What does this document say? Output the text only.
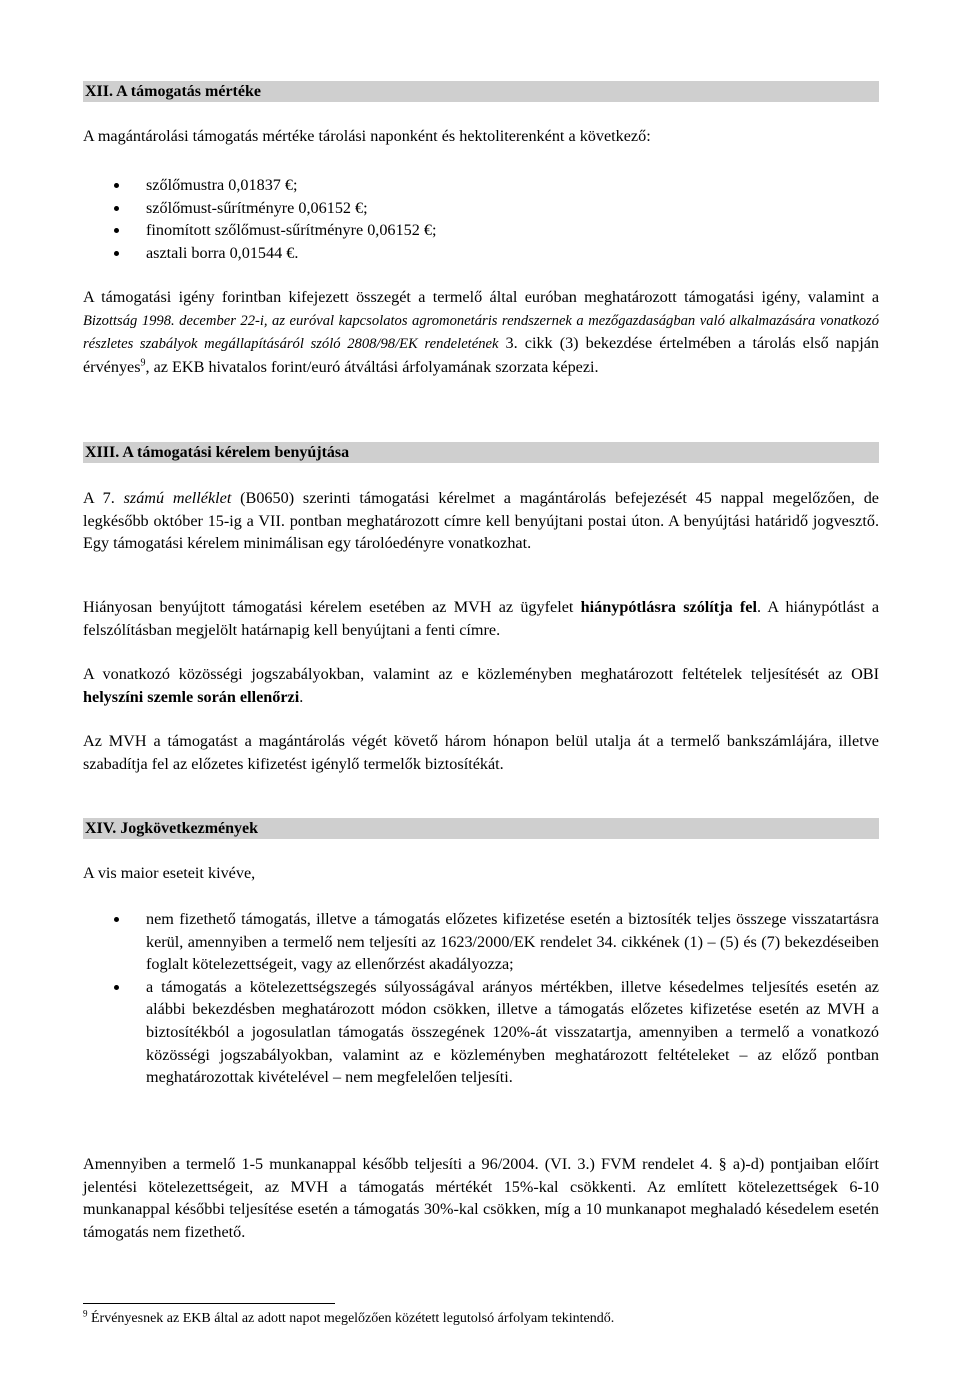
XII. A támogatás mértéke

A magántárolási támogatás mértéke tárolási naponként és hektoliterenként a következő:

szőlőmustra 0,01837 €;
szőlőmust-sűrítményre 0,06152 €;
finomított szőlőmust-sűrítményre 0,06152 €;
asztali borra 0,01544 €.

A támogatási igény forintban kifejezett összegét a termelő által euróban meghatározott támogatási igény, valamint a Bizottság 1998. december 22-i, az euróval kapcsolatos agromonetáris rendszernek a mezőgazdaságban való alkalmazására vonatkozó részletes szabályok megállapításáról szóló 2808/98/EK rendeletének 3. cikk (3) bekezdése értelmében a tárolás első napján érvényes$^9$, az EKB hivatalos forint/euró átváltási árfolyamának szorzata képezi.

XIII. A támogatási kérelem benyújtása

A 7. számú melléklet (B0650) szerinti támogatási kérelmet a magántárolás befejezését 45 nappal megelőzően, de legkésőbb október 15-ig a VII. pontban meghatározott címre kell benyújtani postai úton. A benyújtási határidő jogvesztő. Egy támogatási kérelem minimálisan egy tárolóedényre vonatkozhat.

Hiányosan benyújtott támogatási kérelem esetében az MVH az ügyfelet hiánypótlásra szólítja fel. A hiánypótlást a felszólításban megjelölt határnapig kell benyújtani a fenti címre.

A vonatkozó közösségi jogszabályokban, valamint az e közleményben meghatározott feltételek teljesítését az OBI helyszíni szemle során ellenőrzi.

Az MVH a támogatást a magántárolás végét követő három hónapon belül utalja át a termelő bankszámlájára, illetve szabadítja fel az előzetes kifizetést igénylő termelők biztosítékát.

XIV. Jogkövetkezmények

A vis maior eseteit kivéve,

nem fizethető támogatás, illetve a támogatás előzetes kifizetése esetén a biztosíték teljes összege visszatartásra kerül, amennyiben a termelő nem teljesíti az 1623/2000/EK rendelet 34. cikkének (1) – (5) és (7) bekezdéseiben foglalt kötelezettségeit, vagy az ellenőrzést akadályozza;
a támogatás a kötelezettségszegés súlyosságával arányos mértékben, illetve késedelmes teljesítés esetén az alábbi bekezdésben meghatározott módon csökken, illetve a támogatás előzetes kifizetése esetén az MVH a biztosítékból a jogosulatlan támogatás összegének 120%-át visszatartja, amennyiben a termelő a vonatkozó közösségi jogszabályokban, valamint az e közleményben meghatározott feltételeket – az előző pontban meghatározottak kivételével – nem megfelelően teljesíti.

Amennyiben a termelő 1-5 munkanappal később teljesíti a 96/2004. (VI. 3.) FVM rendelet 4. § a)-d) pontjaiban előírt jelentési kötelezettségeit, az MVH a támogatás mértékét 15%-kal csökkenti. Az említett kötelezettségek 6-10 munkanappal későbbi teljesítése esetén a támogatás 30%-kal csökken, míg a 10 munkanapot meghaladó késedelem esetén támogatás nem fizethető.

$^9$ Érvényesnek az EKB által az adott napot megelőzően közétett legutolsó árfolyam tekintendő.
